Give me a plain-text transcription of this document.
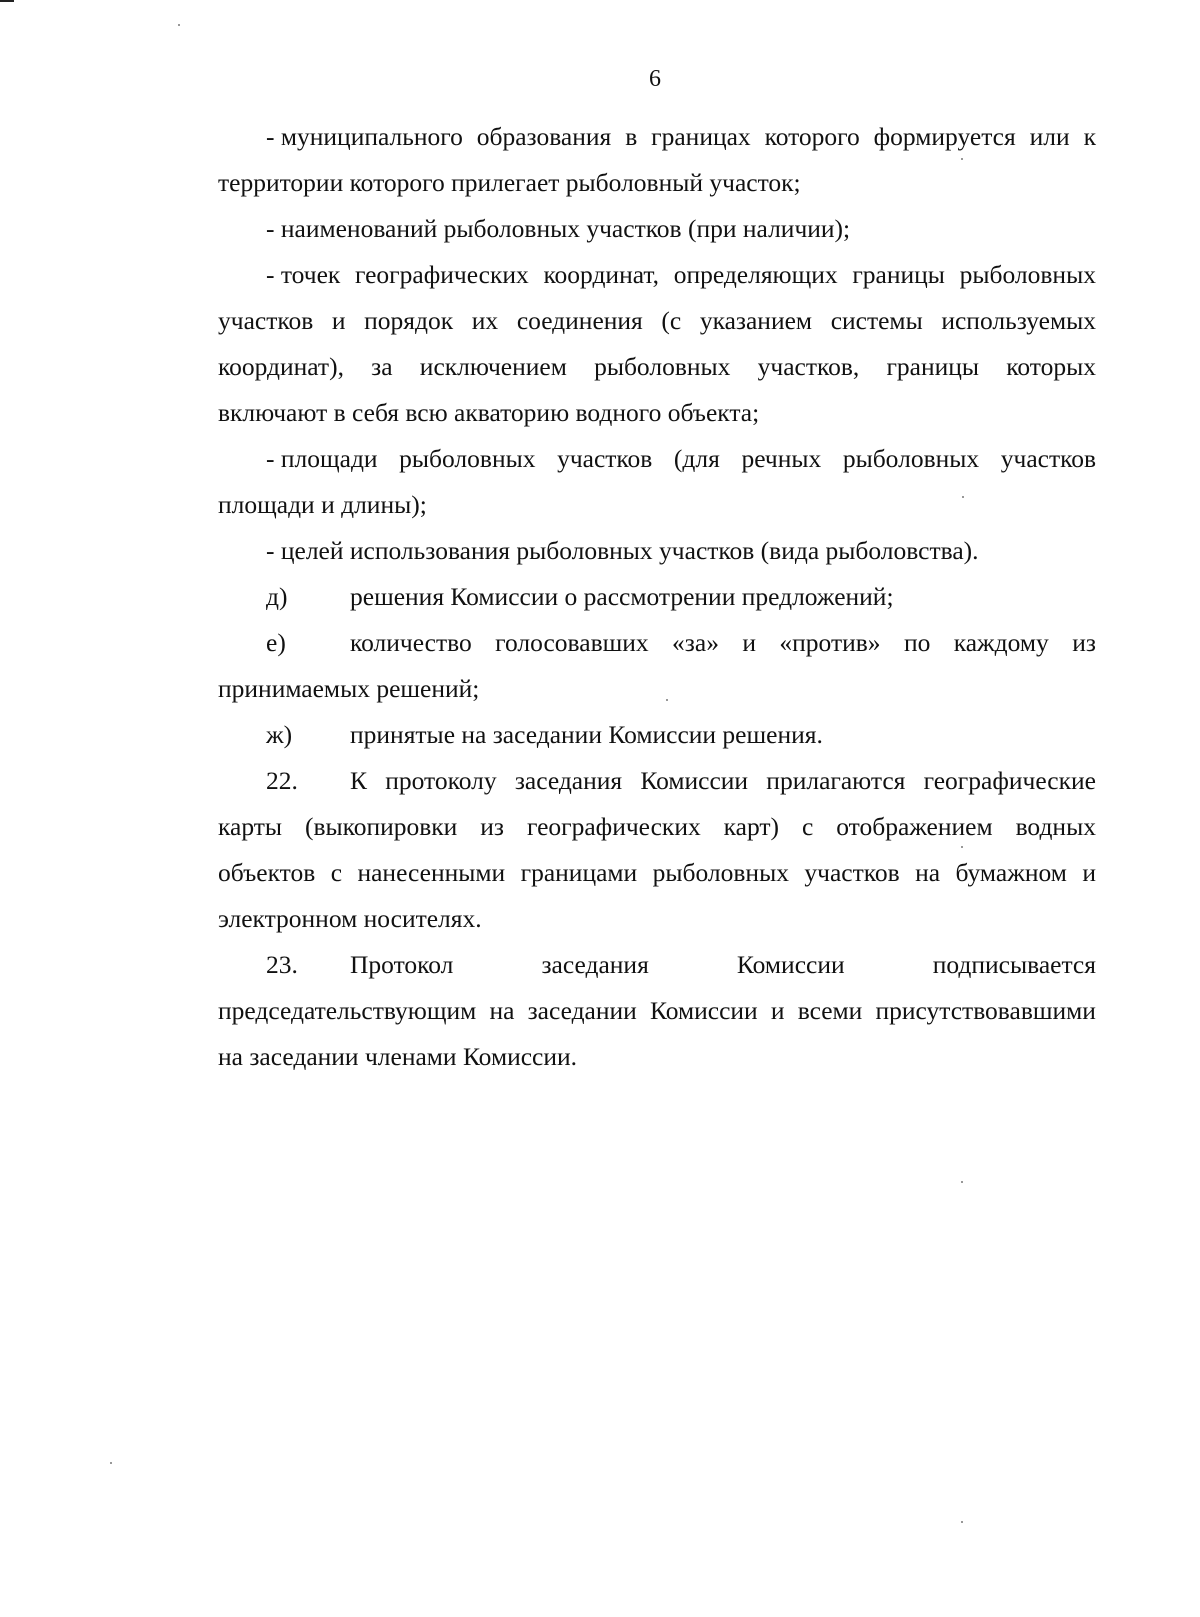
6
- муниципального образования в границах которого формируется или к
территории которого прилегает рыболовный участок;
- наименований рыболовных участков (при наличии);
- точек географических координат, определяющих границы рыболовных
участков и порядок их соединения (с указанием системы используемых
координат), за исключением рыболовных участков, границы которых
включают в себя всю акваторию водного объекта;
- площади рыболовных участков (для речных рыболовных участков
площади и длины);
- целей использования рыболовных участков (вида рыболовства).
д)	решения Комиссии о рассмотрении предложений;
е)	количество голосовавших «за» и «против» по каждому из
принимаемых решений;
ж)	принятые на заседании Комиссии решения.
22.	К протоколу заседания Комиссии прилагаются географические
карты (выкопировки из географических карт) с отображением водных
объектов с нанесенными границами рыболовных участков на бумажном и
электронном носителях.
23.	Протокол	заседания	Комиссии	подписывается
председательствующим на заседании Комиссии и всеми присутствовавшими
на заседании членами Комиссии.
